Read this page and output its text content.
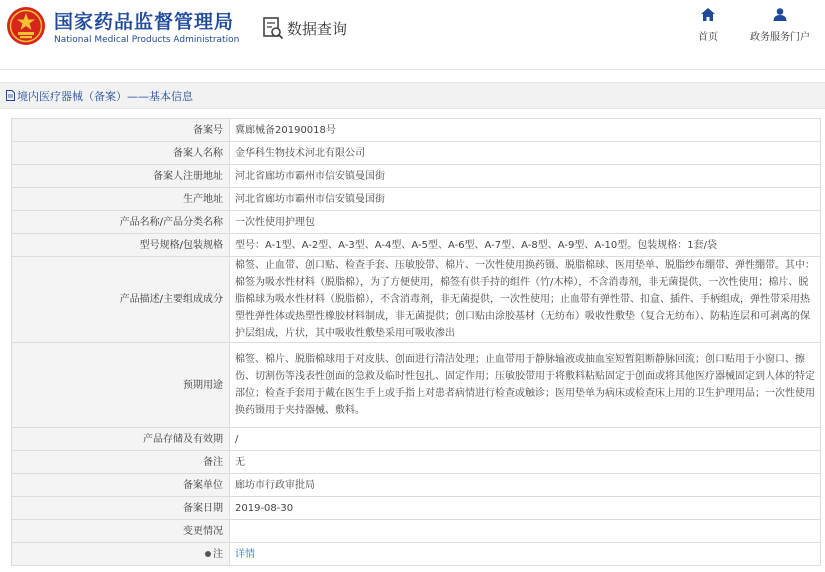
国家药品监督管理局
National Medical Products Administration
数据查询	首页	政务服务门户
境内医疗器械（备案）——基本信息
备案号	冀廊械备20190018号
备案人名称	金华科生物技术河北有限公司
备案人注册地址	河北省廊坊市霸州市信安镇曼国街
生产地址	河北省廊坊市霸州市信安镇曼国街
产品名称/产品分类名称	一次性使用护理包
型号规格/包装规格	型号：A-1型、A-2型、A-3型、A-4型、A-5型、A-6型、A-7型、A-8型、A-9型、A-10型。包装规格：1套/袋
产品描述/主要组成成分	棉签、止血带、创口贴、检查手套、压敏胶带、棉片、一次性使用换药镊、脱脂棉球、医用垫单、脱脂纱布绷带、弹性绷带。其中：棉签为吸水性材料（脱脂棉），为了方便使用，棉签有供手持的组件（竹/木棒），不含消毒剂，非无菌提供，一次性使用；棉片、脱脂棉球为吸水性材料（脱脂棉），不含消毒剂，非无菌提供，一次性使用；止血带有弹性带、扣盒、插件、手柄组成，弹性带采用热塑性弹性体或热塑性橡胶材料制成，非无菌提供；创口贴由涂胶基材（无纺布）吸收性敷垫（复合无纺布）、防粘连层和可剥离的保护层组成，片状，其中吸收性敷垫采用可吸收渗出
预期用途	棉签、棉片、脱脂棉球用于对皮肤、创面进行清洁处理；止血带用于静脉输液或抽血室短暂阻断静脉回流；创口贴用于小窗口、擦伤、切割伤等浅表性创面的急救及临时性包扎、固定作用；压敏胶带用于将敷料粘贴固定于创面或将其他医疗器械固定到人体的特定部位；检查手套用于戴在医生手上或手指上对患者病情进行检查或触诊；医用垫单为病床或检查床上用的卫生护理用品；一次性使用换药镊用于夹持器械、敷料。
产品存储及有效期	/
备注	无
备案单位	廊坊市行政审批局
备案日期	2019-08-30
变更情况	
注	详情
